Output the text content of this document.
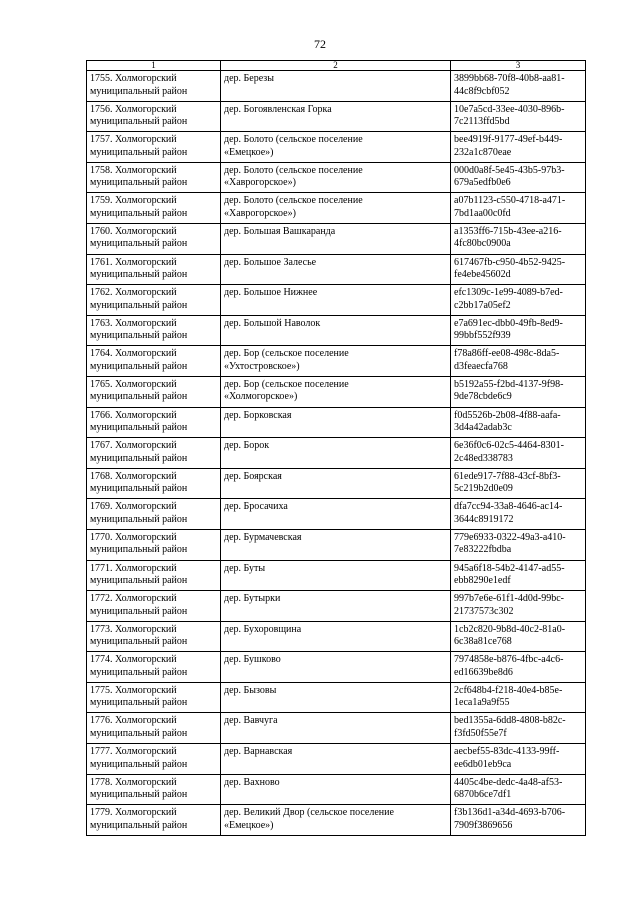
72
1	2	3

1755. Холмогорский
муниципальный район	дер. Березы	3899bb68-70f8-40b8-aa81-
44c8f9cbf052

1756. Холмогорский
муниципальный район	дер. Богоявленская Горка	10e7a5cd-33ee-4030-896b-
7c2113ffd5bd

1757. Холмогорский
муниципальный район	дер. Болото (сельское поселение
«Емецкое»)	bee4919f-9177-49ef-b449-
232a1c870eae

1758. Холмогорский
муниципальный район	дер. Болото (сельское поселение
«Хаврогорское»)	000d0a8f-5e45-43b5-97b3-
679a5edfb0e6

1759. Холмогорский
муниципальный район	дер. Болото (сельское поселение
«Хаврогорское»)	a07b1123-c550-4718-a471-
7bd1aa00c0fd

1760. Холмогорский
муниципальный район	дер. Большая Вашкаранда	a1353ff6-715b-43ee-a216-
4fc80bc0900a

1761. Холмогорский
муниципальный район	дер. Большое Залесье	617467fb-c950-4b52-9425-
fe4ebe45602d

1762. Холмогорский
муниципальный район	дер. Большое Нижнее	efc1309c-1e99-4089-b7ed-
c2bb17a05ef2

1763. Холмогорский
муниципальный район	дер. Большой Наволок	e7a691ec-dbb0-49fb-8ed9-
99bbf552f939

1764. Холмогорский
муниципальный район	дер. Бор (сельское поселение
«Ухтостровское»)	f78a86ff-ee08-498c-8da5-
d3feaecfa768

1765. Холмогорский
муниципальный район	дер. Бор (сельское поселение
«Холмогорское»)	b5192a55-f2bd-4137-9f98-
9de78cbde6c9

1766. Холмогорский
муниципальный район	дер. Борковская	f0d5526b-2b08-4f88-aafa-
3d4a42adab3c

1767. Холмогорский
муниципальный район	дер. Борок	6e36f0c6-02c5-4464-8301-
2c48ed338783

1768. Холмогорский
муниципальный район	дер. Боярская	61ede917-7f88-43cf-8bf3-
5c219b2d0e09

1769. Холмогорский
муниципальный район	дер. Бросачиха	dfa7cc94-33a8-4646-ac14-
3644c8919172

1770. Холмогорский
муниципальный район	дер. Бурмачевская	779e6933-0322-49a3-a410-
7e83222fbdba

1771. Холмогорский
муниципальный район	дер. Буты	945a6f18-54b2-4147-ad55-
ebb8290e1edf

1772. Холмогорский
муниципальный район	дер. Бутырки	997b7e6e-61f1-4d0d-99bc-
21737573c302

1773. Холмогорский
муниципальный район	дер. Бухоровщина	1cb2c820-9b8d-40c2-81a0-
6c38a81ce768

1774. Холмогорский
муниципальный район	дер. Бушково	7974858e-b876-4fbc-a4c6-
ed16639be8d6

1775. Холмогорский
муниципальный район	дер. Бызовы	2cf648b4-f218-40e4-b85e-
1eca1a9a9f55

1776. Холмогорский
муниципальный район	дер. Вавчуга	bed1355a-6dd8-4808-b82c-
f3fd50f55e7f

1777. Холмогорский
муниципальный район	дер. Варнавская	aecbef55-83dc-4133-99ff-
ee6db01eb9ca

1778. Холмогорский
муниципальный район	дер. Вахново	4405c4be-dedc-4a48-af53-
6870b6ce7df1

1779. Холмогорский
муниципальный район	дер. Великий Двор (сельское поселение
«Емецкое»)	f3b136d1-a34d-4693-b706-
7909f3869656
